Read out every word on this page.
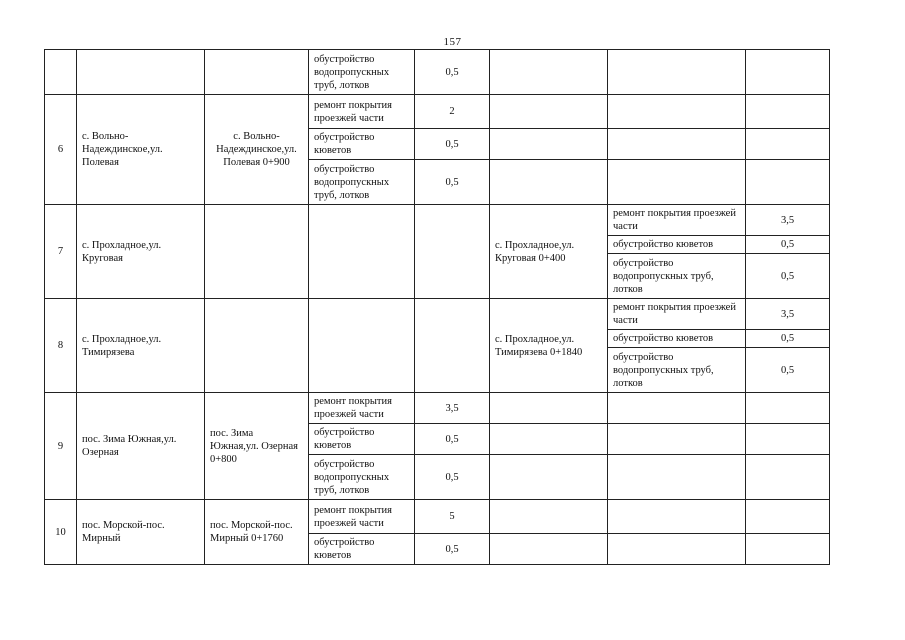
157
			обустройство водопропускных труб, лотков	0,5			
6	с. Вольно-Надеждинское,ул. Полевая	с. Вольно-Надеждинское,ул. Полевая 0+900	ремонт покрытия проезжей части	2			
			обустройство кюветов	0,5			
			обустройство водопропускных труб, лотков	0,5			
7	с. Прохладное,ул. Круговая				с. Прохладное,ул. Круговая 0+400	ремонт покрытия проезжей части	3,5
						обустройство кюветов	0,5
						обустройство водопропускных труб, лотков	0,5
8	с. Прохладное,ул. Тимирязева				с. Прохладное,ул. Тимирязева 0+1840	ремонт покрытия проезжей части	3,5
						обустройство кюветов	0,5
						обустройство водопропускных труб, лотков	0,5
9	пос. Зима Южная,ул. Озерная	пос. Зима Южная,ул. Озерная 0+800	ремонт покрытия проезжей части	3,5			
			обустройство кюветов	0,5			
			обустройство водопропускных труб, лотков	0,5			
10	пос. Морской-пос. Мирный	пос. Морской-пос. Мирный 0+1760	ремонт покрытия проезжей части	5			
			обустройство кюветов	0,5			
